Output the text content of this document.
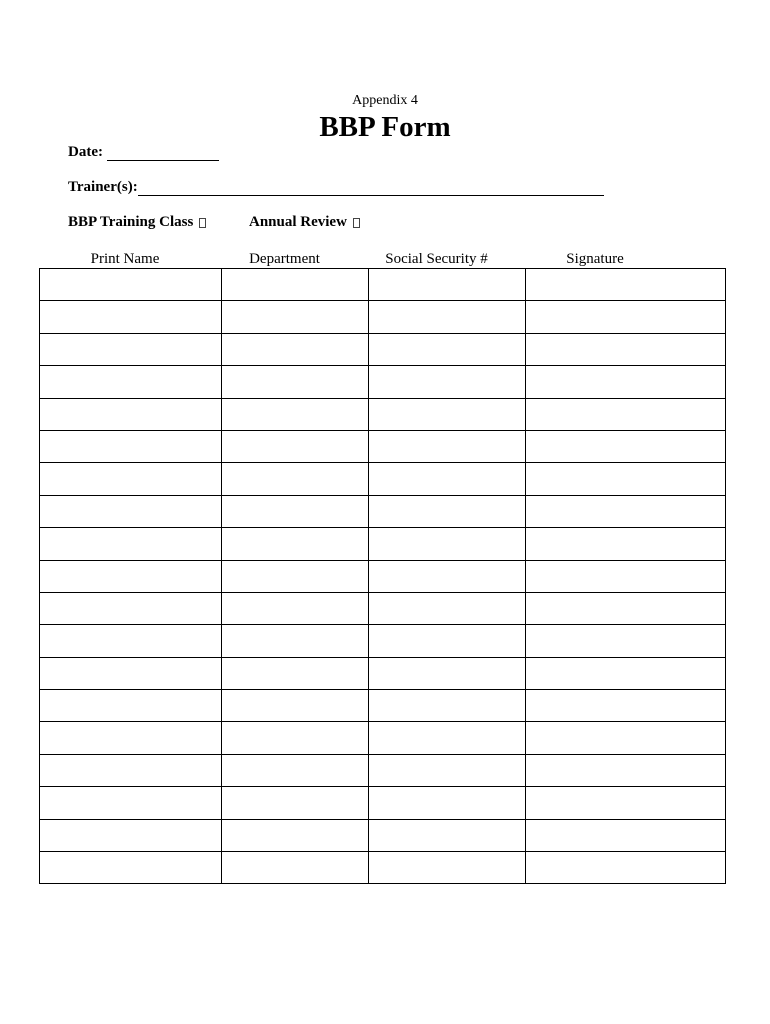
Appendix 4
BBP Form
Date:
Trainer(s):
BBP Training Class	Annual Review
Print Name	Department	Social Security #	Signature
